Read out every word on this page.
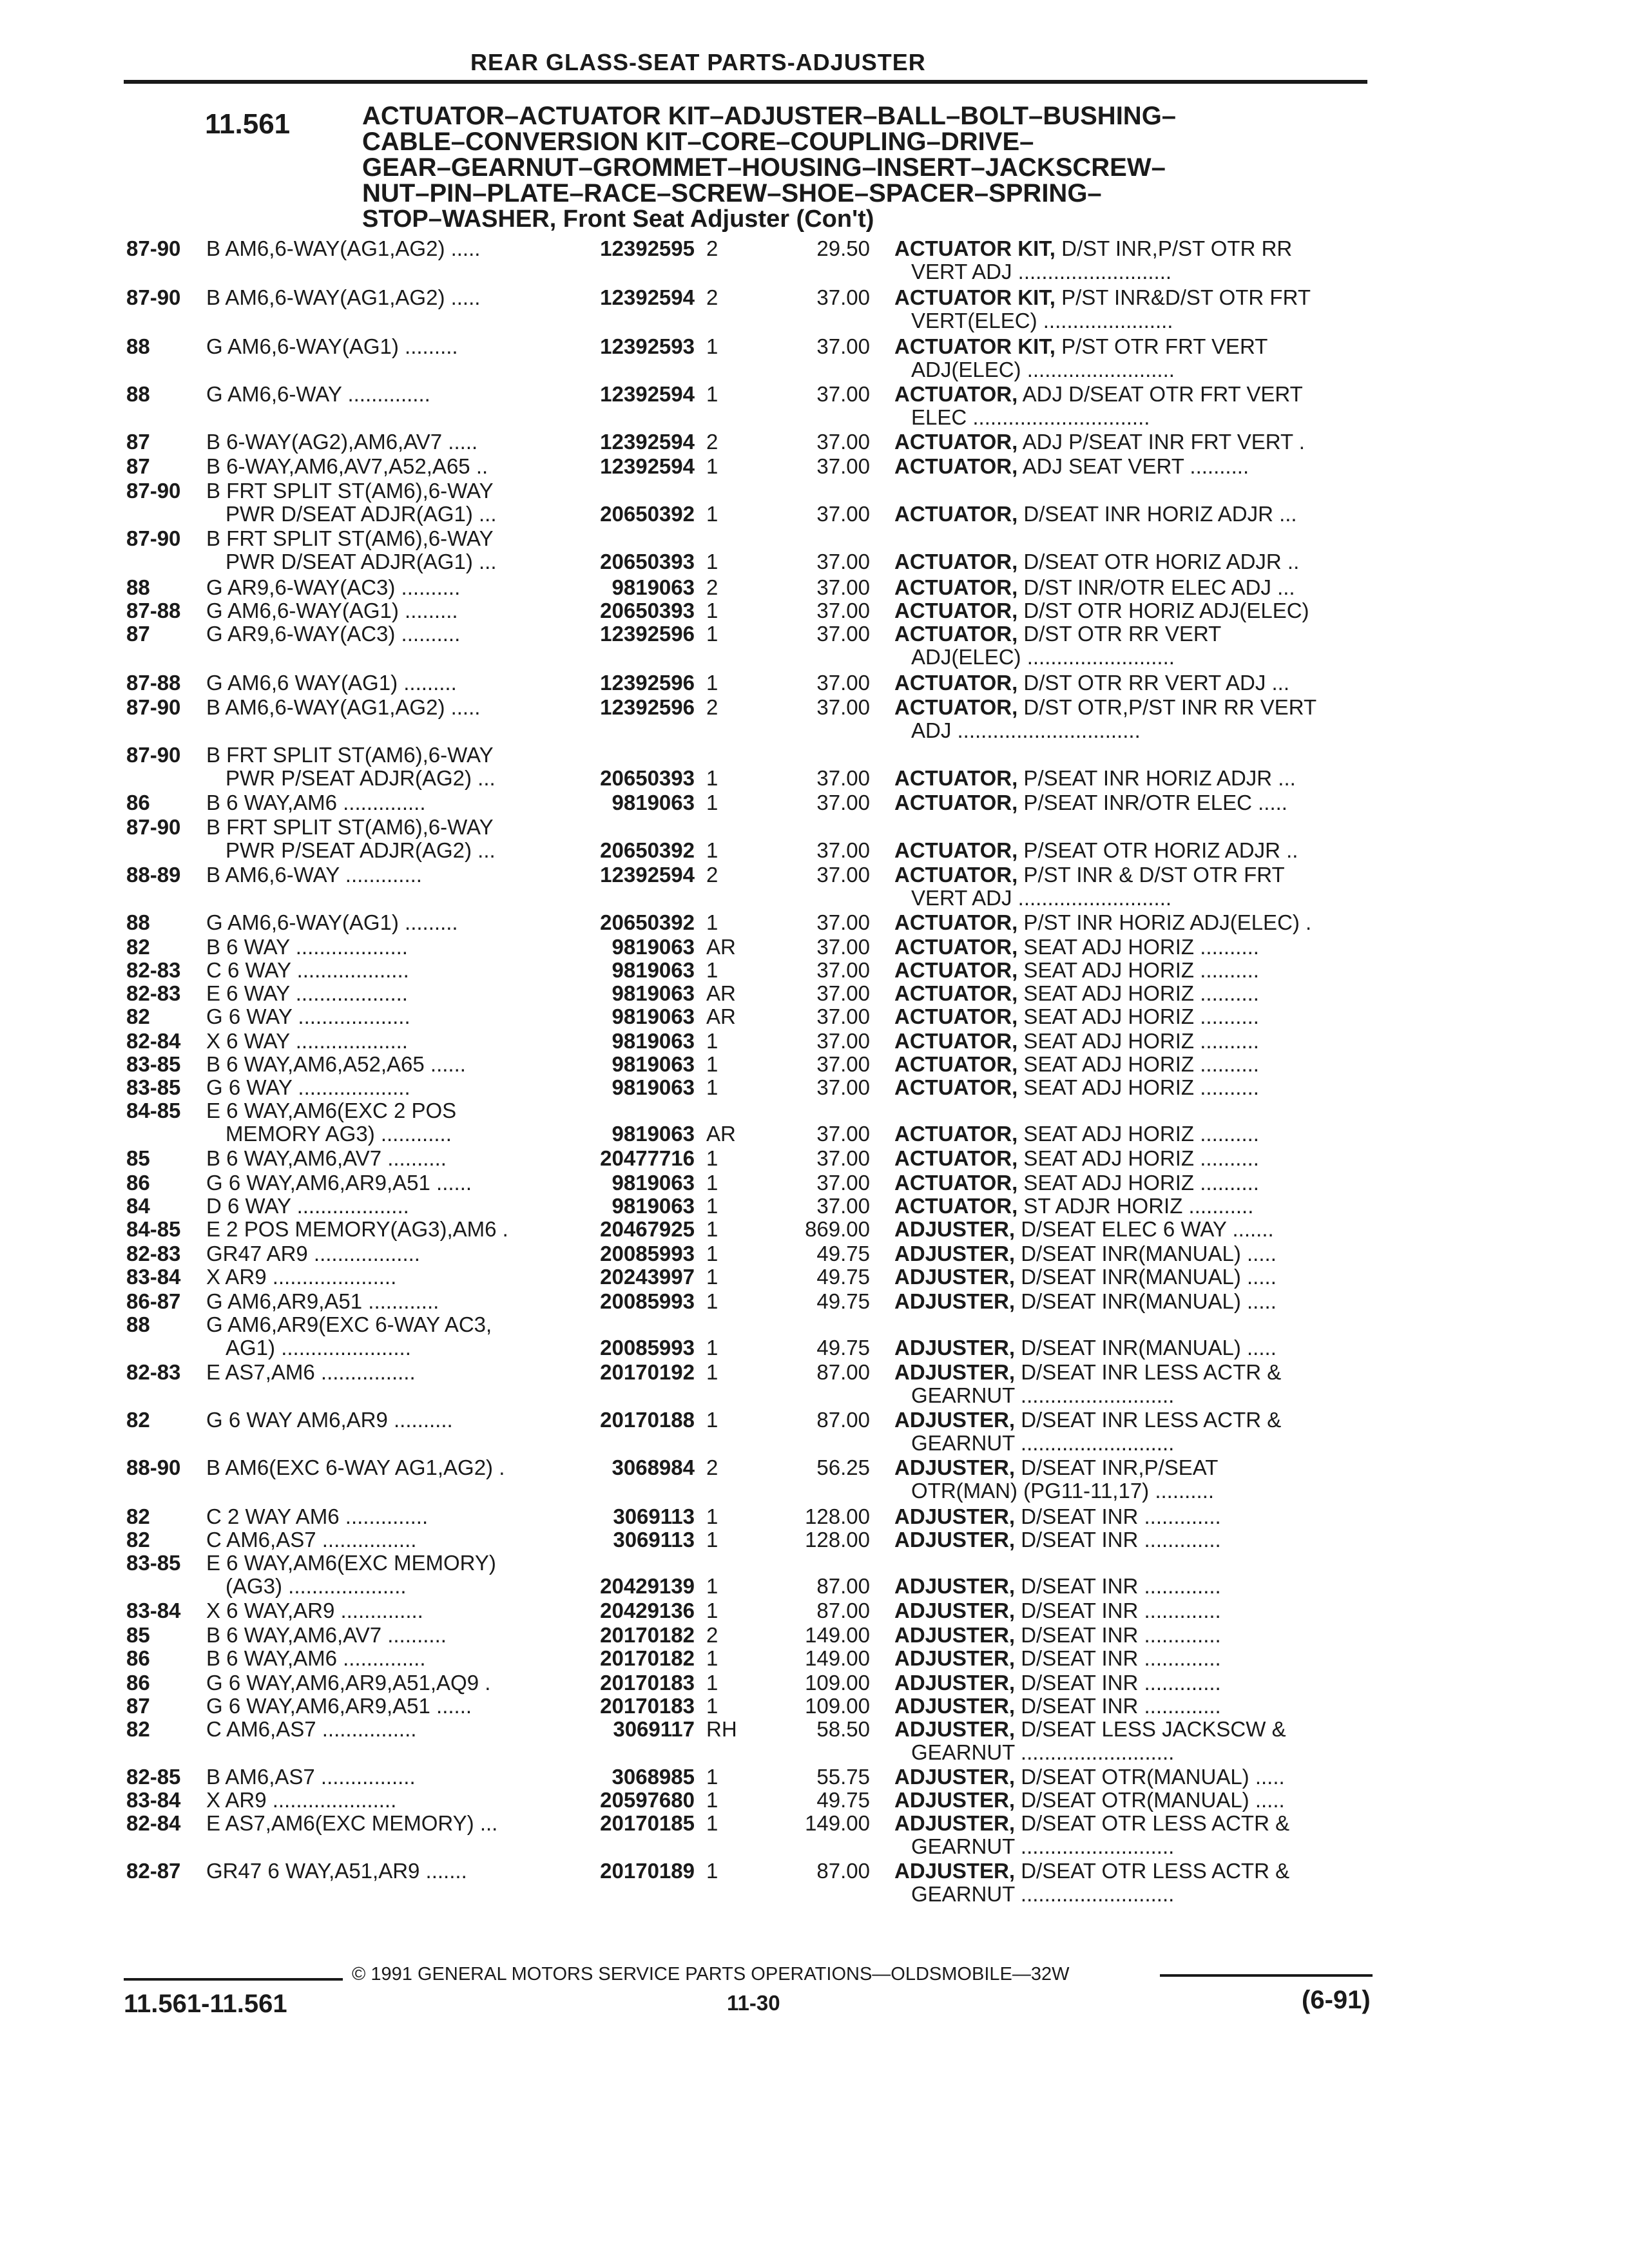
REAR GLASS-SEAT PARTS-ADJUSTER
11.561	ACTUATOR–ACTUATOR KIT–ADJUSTER–BALL–BOLT–BUSHING–
CABLE–CONVERSION KIT–CORE–COUPLING–DRIVE–
GEAR–GEARNUT–GROMMET–HOUSING–INSERT–JACKSCREW–
NUT–PIN–PLATE–RACE–SCREW–SHOE–SPACER–SPRING–
STOP–WASHER, Front Seat Adjuster (Con't)
87-90 B AM6,6-WAY(AG1,AG2) .....	12392595 2	29.50 ACTUATOR KIT, D/ST INR,P/ST OTR RR
VERT ADJ ..........................
87-90 B AM6,6-WAY(AG1,AG2) .....	12392594 2	37.00 ACTUATOR KIT, P/ST INR&D/ST OTR FRT
VERT(ELEC) ......................
88	G AM6,6-WAY(AG1) .........	12392593 1	37.00 ACTUATOR KIT, P/ST OTR FRT VERT
ADJ(ELEC) .........................
88	G AM6,6-WAY ..............	12392594 1	37.00 ACTUATOR, ADJ D/SEAT OTR FRT VERT
ELEC ..............................
87	B 6-WAY(AG2),AM6,AV7 .....	12392594 2	37.00 ACTUATOR, ADJ P/SEAT INR FRT VERT .
87	B 6-WAY,AM6,AV7,A52,A65 ..	12392594 1	37.00 ACTUATOR, ADJ SEAT VERT ..........
87-90 B FRT SPLIT ST(AM6),6-WAY
PWR D/SEAT ADJR(AG1) ...	20650392 1	37.00 ACTUATOR, D/SEAT INR HORIZ ADJR ...
87-90 B FRT SPLIT ST(AM6),6-WAY
PWR D/SEAT ADJR(AG1) ...	20650393 1	37.00 ACTUATOR, D/SEAT OTR HORIZ ADJR ..
88	G AR9,6-WAY(AC3) ..........	9819063 2	37.00 ACTUATOR, D/ST INR/OTR ELEC ADJ ...
87-88 G AM6,6-WAY(AG1) .........	20650393 1	37.00 ACTUATOR, D/ST OTR HORIZ ADJ(ELEC)
87	G AR9,6-WAY(AC3) ..........	12392596 1	37.00 ACTUATOR, D/ST OTR RR VERT
ADJ(ELEC) .........................
87-88 G AM6,6 WAY(AG1) .........	12392596 1	37.00 ACTUATOR, D/ST OTR RR VERT ADJ ...
87-90 B AM6,6-WAY(AG1,AG2) .....	12392596 2	37.00 ACTUATOR, D/ST OTR,P/ST INR RR VERT
ADJ ...............................
87-90 B FRT SPLIT ST(AM6),6-WAY
PWR P/SEAT ADJR(AG2) ...	20650393 1	37.00 ACTUATOR, P/SEAT INR HORIZ ADJR ...
86	B 6 WAY,AM6 ..............	9819063 1	37.00 ACTUATOR, P/SEAT INR/OTR ELEC .....
87-90 B FRT SPLIT ST(AM6),6-WAY
PWR P/SEAT ADJR(AG2) ...	20650392 1	37.00 ACTUATOR, P/SEAT OTR HORIZ ADJR ..
88-89 B AM6,6-WAY .............	12392594 2	37.00 ACTUATOR, P/ST INR & D/ST OTR FRT
VERT ADJ ..........................
88	G AM6,6-WAY(AG1) .........	20650392 1	37.00 ACTUATOR, P/ST INR HORIZ ADJ(ELEC) .
82	B 6 WAY ...................	9819063 AR	37.00 ACTUATOR, SEAT ADJ HORIZ ..........
82-83 C 6 WAY ...................	9819063 1	37.00 ACTUATOR, SEAT ADJ HORIZ ..........
82-83 E 6 WAY ...................	9819063 AR	37.00 ACTUATOR, SEAT ADJ HORIZ ..........
82	G 6 WAY ...................	9819063 AR	37.00 ACTUATOR, SEAT ADJ HORIZ ..........
82-84 X 6 WAY ...................	9819063 1	37.00 ACTUATOR, SEAT ADJ HORIZ ..........
83-85 B 6 WAY,AM6,A52,A65 ......	9819063 1	37.00 ACTUATOR, SEAT ADJ HORIZ ..........
83-85 G 6 WAY ...................	9819063 1	37.00 ACTUATOR, SEAT ADJ HORIZ ..........
84-85 E 6 WAY,AM6(EXC 2 POS
MEMORY AG3) ............	9819063 AR	37.00 ACTUATOR, SEAT ADJ HORIZ ..........
85	B 6 WAY,AM6,AV7 ..........	20477716 1	37.00 ACTUATOR, SEAT ADJ HORIZ ..........
86	G 6 WAY,AM6,AR9,A51 ......	9819063 1	37.00 ACTUATOR, SEAT ADJ HORIZ ..........
84	D 6 WAY ...................	9819063 1	37.00 ACTUATOR, ST ADJR HORIZ ...........
84-85 E 2 POS MEMORY(AG3),AM6 .	20467925 1	869.00 ADJUSTER, D/SEAT ELEC 6 WAY .......
82-83 GR47 AR9 ..................	20085993 1	49.75 ADJUSTER, D/SEAT INR(MANUAL) .....
83-84 X AR9 .....................	20243997 1	49.75 ADJUSTER, D/SEAT INR(MANUAL) .....
86-87 G AM6,AR9,A51 ............	20085993 1	49.75 ADJUSTER, D/SEAT INR(MANUAL) .....
88	G AM6,AR9(EXC 6-WAY AC3,
AG1) ......................	20085993 1	49.75 ADJUSTER, D/SEAT INR(MANUAL) .....
82-83 E AS7,AM6 ................	20170192 1	87.00 ADJUSTER, D/SEAT INR LESS ACTR &
GEARNUT ..........................
82	G 6 WAY AM6,AR9 ..........	20170188 1	87.00 ADJUSTER, D/SEAT INR LESS ACTR &
GEARNUT ..........................
88-90 B AM6(EXC 6-WAY AG1,AG2) .	3068984 2	56.25 ADJUSTER, D/SEAT INR,P/SEAT
OTR(MAN) (PG11-11,17) ..........
82	C 2 WAY AM6 ..............	3069113 1	128.00 ADJUSTER, D/SEAT INR .............
82	C AM6,AS7 ................	3069113 1	128.00 ADJUSTER, D/SEAT INR .............
83-85 E 6 WAY,AM6(EXC MEMORY)
(AG3) ....................	20429139 1	87.00 ADJUSTER, D/SEAT INR .............
83-84 X 6 WAY,AR9 ..............	20429136 1	87.00 ADJUSTER, D/SEAT INR .............
85	B 6 WAY,AM6,AV7 ..........	20170182 2	149.00 ADJUSTER, D/SEAT INR .............
86	B 6 WAY,AM6 ..............	20170182 1	149.00 ADJUSTER, D/SEAT INR .............
86	G 6 WAY,AM6,AR9,A51,AQ9 .	20170183 1	109.00 ADJUSTER, D/SEAT INR .............
87	G 6 WAY,AM6,AR9,A51 ......	20170183 1	109.00 ADJUSTER, D/SEAT INR .............
82	C AM6,AS7 ................	3069117 RH	58.50 ADJUSTER, D/SEAT LESS JACKSCW &
GEARNUT ..........................
82-85 B AM6,AS7 ................	3068985 1	55.75 ADJUSTER, D/SEAT OTR(MANUAL) .....
83-84 X AR9 .....................	20597680 1	49.75 ADJUSTER, D/SEAT OTR(MANUAL) .....
82-84 E AS7,AM6(EXC MEMORY) ...	20170185 1	149.00 ADJUSTER, D/SEAT OTR LESS ACTR &
GEARNUT ..........................
82-87 GR47 6 WAY,A51,AR9 .......	20170189 1	87.00 ADJUSTER, D/SEAT OTR LESS ACTR &
GEARNUT ..........................
© 1991 GENERAL MOTORS SERVICE PARTS OPERATIONS—OLDSMOBILE—32W
11.561-11.561	11-30	(6-91)
